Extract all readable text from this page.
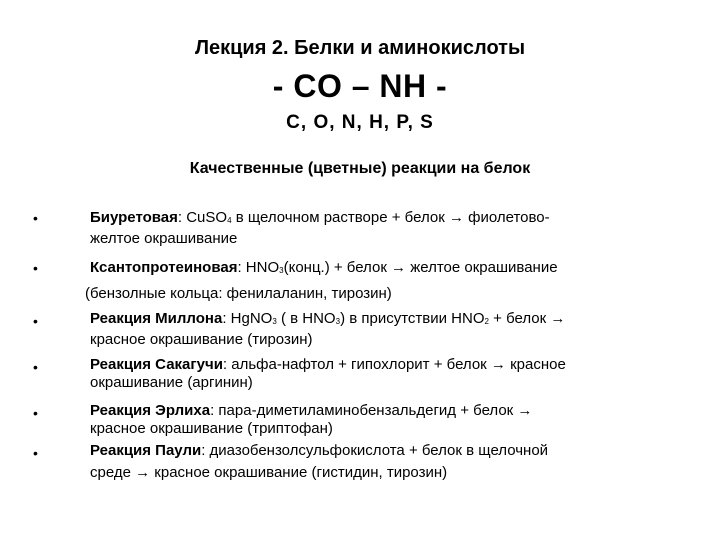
Лекция 2. Белки и аминокислоты
- CO – NH -
C, O, N, H, P, S
Качественные (цветные) реакции на белок
•	Биуретовая: CuSO4 в щелочном растворе + белок → фиолетово-
желтое окрашивание
•	Ксантопротеиновая: HNO3(конц.) + белок → желтое окрашивание
(бензолные кольца: фенилаланин, тирозин)
•	Реакция Миллона: HgNO3 ( в HNO3) в присутствии HNO2 + белок →
красное окрашивание (тирозин)
•	Реакция Сакагучи: альфа-нафтол + гипохлорит + белок → красное
окрашивание (аргинин)
•	Реакция Эрлиха: пара-диметиламинобензальдегид + белок →
красное окрашивание (триптофан)
•	Реакция Паули: диазобензолсульфокислота + белок в щелочной
среде → красное окрашивание (гистидин, тирозин)
